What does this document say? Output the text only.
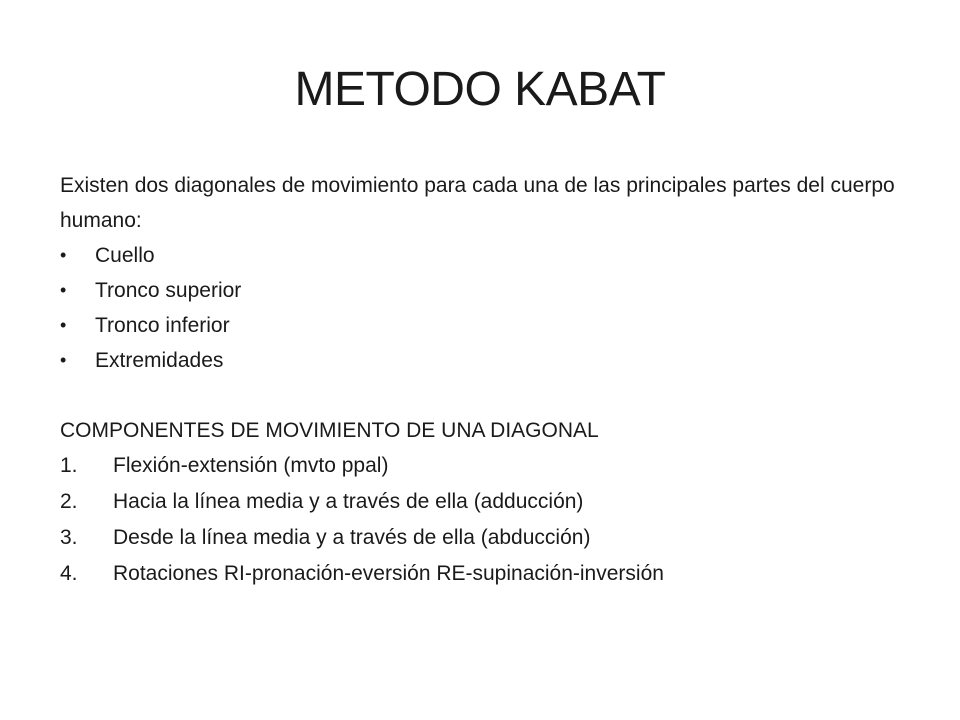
METODO KABAT

Existen dos diagonales de movimiento para cada una de las principales partes del cuerpo humano:

• Cuello
• Tronco superior
• Tronco inferior
• Extremidades

COMPONENTES DE MOVIMIENTO DE UNA DIAGONAL

1. Flexión-extensión (mvto ppal)
2. Hacia la línea media y a través de ella (adducción)
3. Desde la línea media y a través de ella (abducción)
4. Rotaciones RI-pronación-eversión RE-supinación-inversión
